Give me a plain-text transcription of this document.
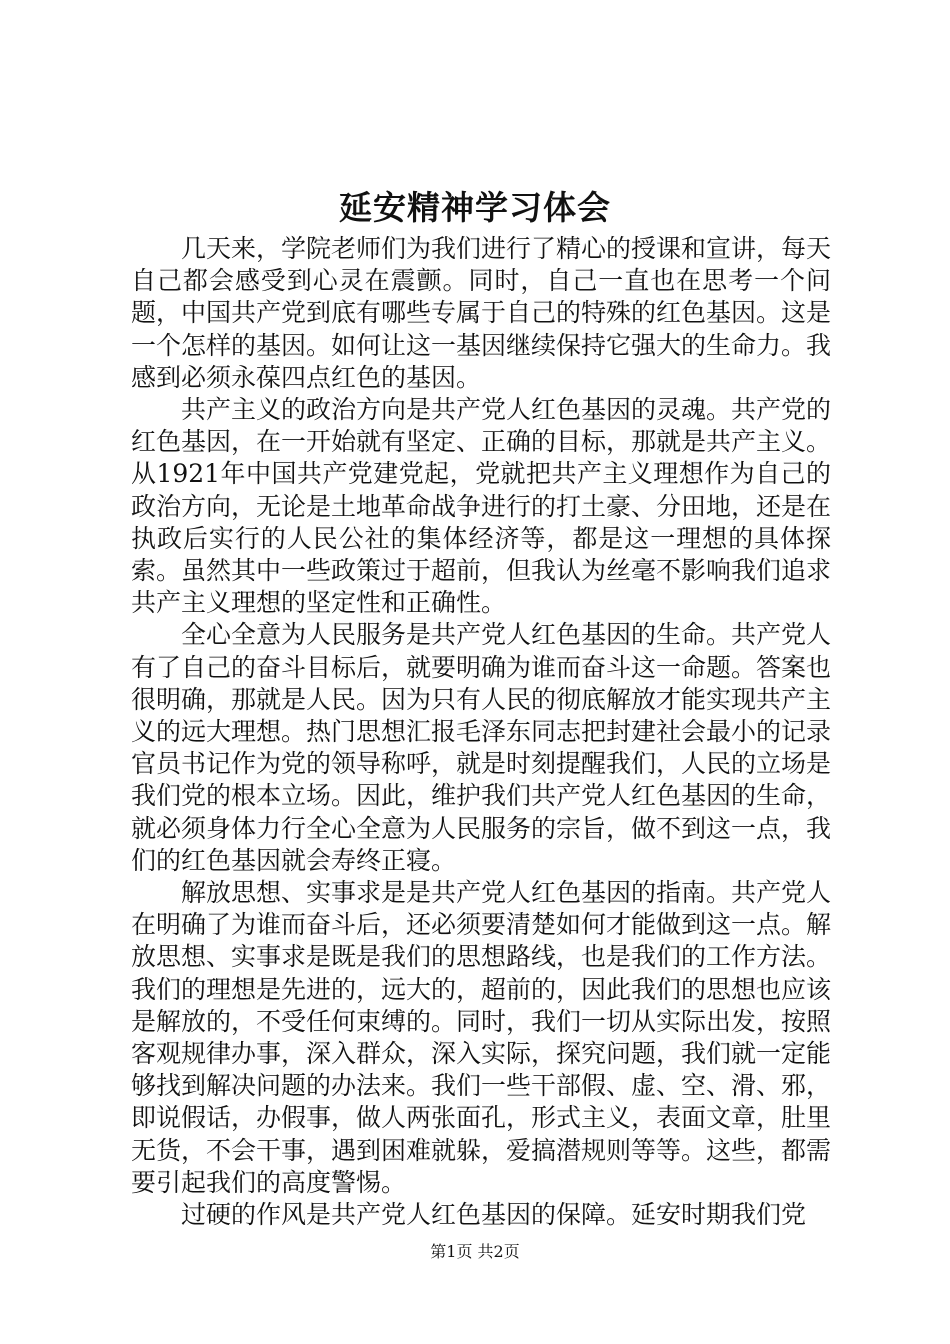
延安精神学习体会

几天来，学院老师们为我们进行了精心的授课和宣讲，每天自己都会感受到心灵在震颤。同时，自己一直也在思考一个问题，中国共产党到底有哪些专属于自己的特殊的红色基因。这是一个怎样的基因。如何让这一基因继续保持它强大的生命力。我感到必须永葆四点红色的基因。

共产主义的政治方向是共产党人红色基因的灵魂。共产党的红色基因，在一开始就有坚定、正确的目标，那就是共产主义。从1921年中国共产党建党起，党就把共产主义理想作为自己的政治方向，无论是土地革命战争进行的打土豪、分田地，还是在执政后实行的人民公社的集体经济等，都是这一理想的具体探索。虽然其中一些政策过于超前，但我认为丝毫不影响我们追求共产主义理想的坚定性和正确性。

全心全意为人民服务是共产党人红色基因的生命。共产党人有了自己的奋斗目标后，就要明确为谁而奋斗这一命题。答案也很明确，那就是人民。因为只有人民的彻底解放才能实现共产主义的远大理想。热门思想汇报毛泽东同志把封建社会最小的记录官员书记作为党的领导称呼，就是时刻提醒我们，人民的立场是我们党的根本立场。因此，维护我们共产党人红色基因的生命，就必须身体力行全心全意为人民服务的宗旨，做不到这一点，我们的红色基因就会寿终正寝。

解放思想、实事求是是共产党人红色基因的指南。共产党人在明确了为谁而奋斗后，还必须要清楚如何才能做到这一点。解放思想、实事求是既是我们的思想路线，也是我们的工作方法。我们的理想是先进的，远大的，超前的，因此我们的思想也应该是解放的，不受任何束缚的。同时，我们一切从实际出发，按照客观规律办事，深入群众，深入实际，探究问题，我们就一定能够找到解决问题的办法来。我们一些干部假、虚、空、滑、邪，即说假话，办假事，做人两张面孔，形式主义，表面文章，肚里无货，不会干事，遇到困难就躲，爱搞潜规则等等。这些，都需要引起我们的高度警惕。

过硬的作风是共产党人红色基因的保障。延安时期我们党

第1页 共2页
